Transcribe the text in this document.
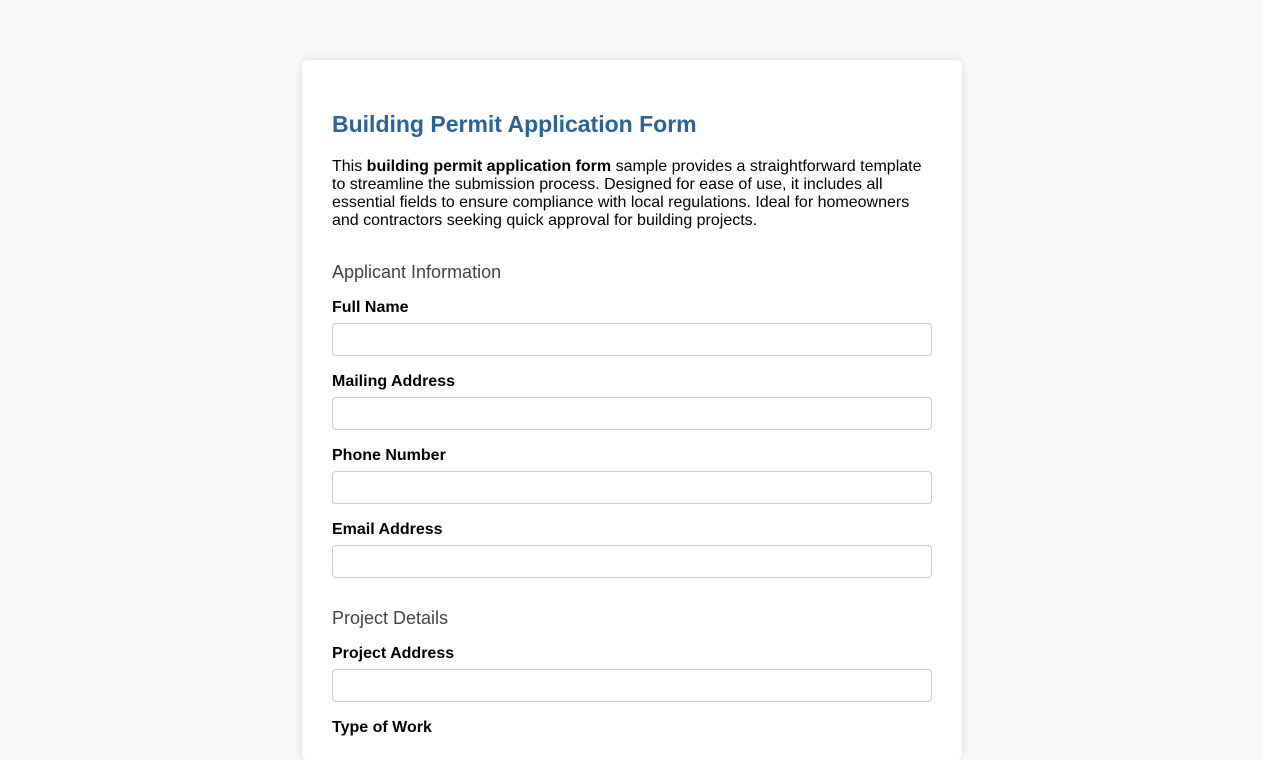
Building Permit Application Form

This building permit application form sample provides a straightforward template to streamline the submission process. Designed for ease of use, it includes all essential fields to ensure compliance with local regulations. Ideal for homeowners and contractors seeking quick approval for building projects.

Applicant Information
Full Name
Mailing Address
Phone Number
Email Address
Project Details
Project Address
Type of Work
